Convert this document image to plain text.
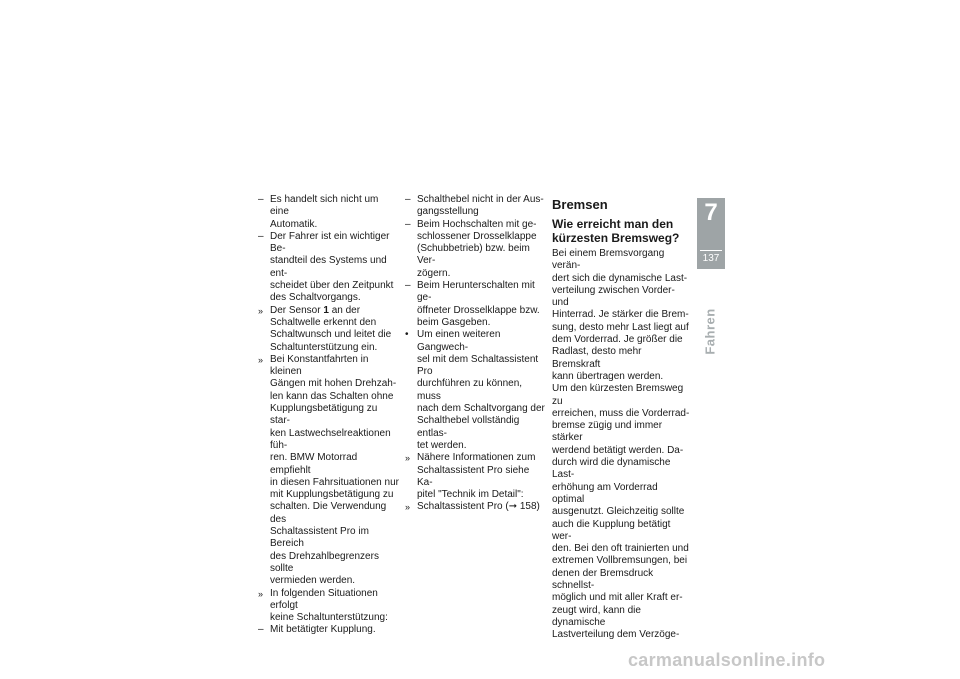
–
Es handelt sich nicht um eine
Automatik.
–
Der Fahrer ist ein wichtiger Be-
standteil des Systems und ent-
scheidet über den Zeitpunkt
des Schaltvorgangs.
»
Der Sensor 1 an der
Schaltwelle erkennt den
Schaltwunsch und leitet die
Schaltunterstützung ein.
»
Bei Konstantfahrten in kleinen
Gängen mit hohen Drehzah-
len kann das Schalten ohne
Kupplungsbetätigung zu star-
ken Lastwechselreaktionen füh-
ren. BMW Motorrad empfiehlt
in diesen Fahrsituationen nur
mit Kupplungsbetätigung zu
schalten. Die Verwendung des
Schaltassistent Pro im Bereich
des Drehzahlbegrenzers sollte
vermieden werden.
»
In folgenden Situationen erfolgt
keine Schaltunterstützung:
–
Mit betätigter Kupplung.
–
Schalthebel nicht in der Aus-
gangsstellung
–
Beim Hochschalten mit ge-
schlossener Drosselklappe
(Schubbetrieb) bzw. beim Ver-
zögern.
–
Beim Herunterschalten mit ge-
öffneter Drosselklappe bzw.
beim Gasgeben.
•
Um einen weiteren Gangwech-
sel mit dem Schaltassistent Pro
durchführen zu können, muss
nach dem Schaltvorgang der
Schalthebel vollständig entlas-
tet werden.
»
Nähere Informationen zum
Schaltassistent Pro siehe Ka-
pitel "Technik im Detail":
»
Schaltassistent Pro (➞ 158)
Bremsen
Wie erreicht man den
kürzesten Bremsweg?
Bei einem Bremsvorgang verän-
dert sich die dynamische Last-
verteilung zwischen Vorder- und
Hinterrad. Je stärker die Brem-
sung, desto mehr Last liegt auf
dem Vorderrad. Je größer die
Radlast, desto mehr Bremskraft
kann übertragen werden.
Um den kürzesten Bremsweg zu
erreichen, muss die Vorderrad-
bremse zügig und immer stärker
werdend betätigt werden. Da-
durch wird die dynamische Last-
erhöhung am Vorderrad optimal
ausgenutzt. Gleichzeitig sollte
auch die Kupplung betätigt wer-
den. Bei den oft trainierten und
extremen Vollbremsungen, bei
denen der Bremsdruck schnellst-
möglich und mit aller Kraft er-
zeugt wird, kann die dynamische
Lastverteilung dem Verzöge-
7
137
Fahren
carmanualsonline.info
